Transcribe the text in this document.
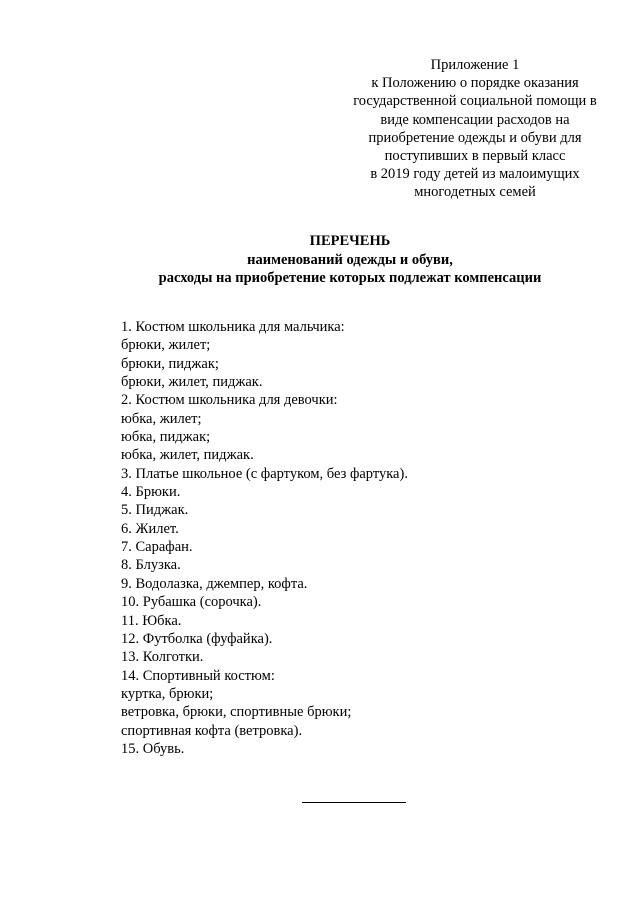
Приложение 1
к Положению о порядке оказания
государственной социальной помощи в
виде компенсации расходов на
приобретение одежды и обуви для
поступивших в первый класс
в 2019 году детей из малоимущих
многодетных семей
ПЕРЕЧЕНЬ
наименований одежды и обуви,
расходы на приобретение которых подлежат компенсации
1. Костюм школьника для мальчика:
брюки, жилет;
брюки, пиджак;
брюки, жилет, пиджак.
2. Костюм школьника для девочки:
юбка, жилет;
юбка, пиджак;
юбка, жилет, пиджак.
3. Платье школьное (с фартуком, без фартука).
4. Брюки.
5. Пиджак.
6. Жилет.
7. Сарафан.
8. Блузка.
9. Водолазка, джемпер, кофта.
10. Рубашка (сорочка).
11. Юбка.
12. Футболка (фуфайка).
13. Колготки.
14. Спортивный костюм:
куртка, брюки;
ветровка, брюки, спортивные брюки;
спортивная кофта (ветровка).
15. Обувь.
